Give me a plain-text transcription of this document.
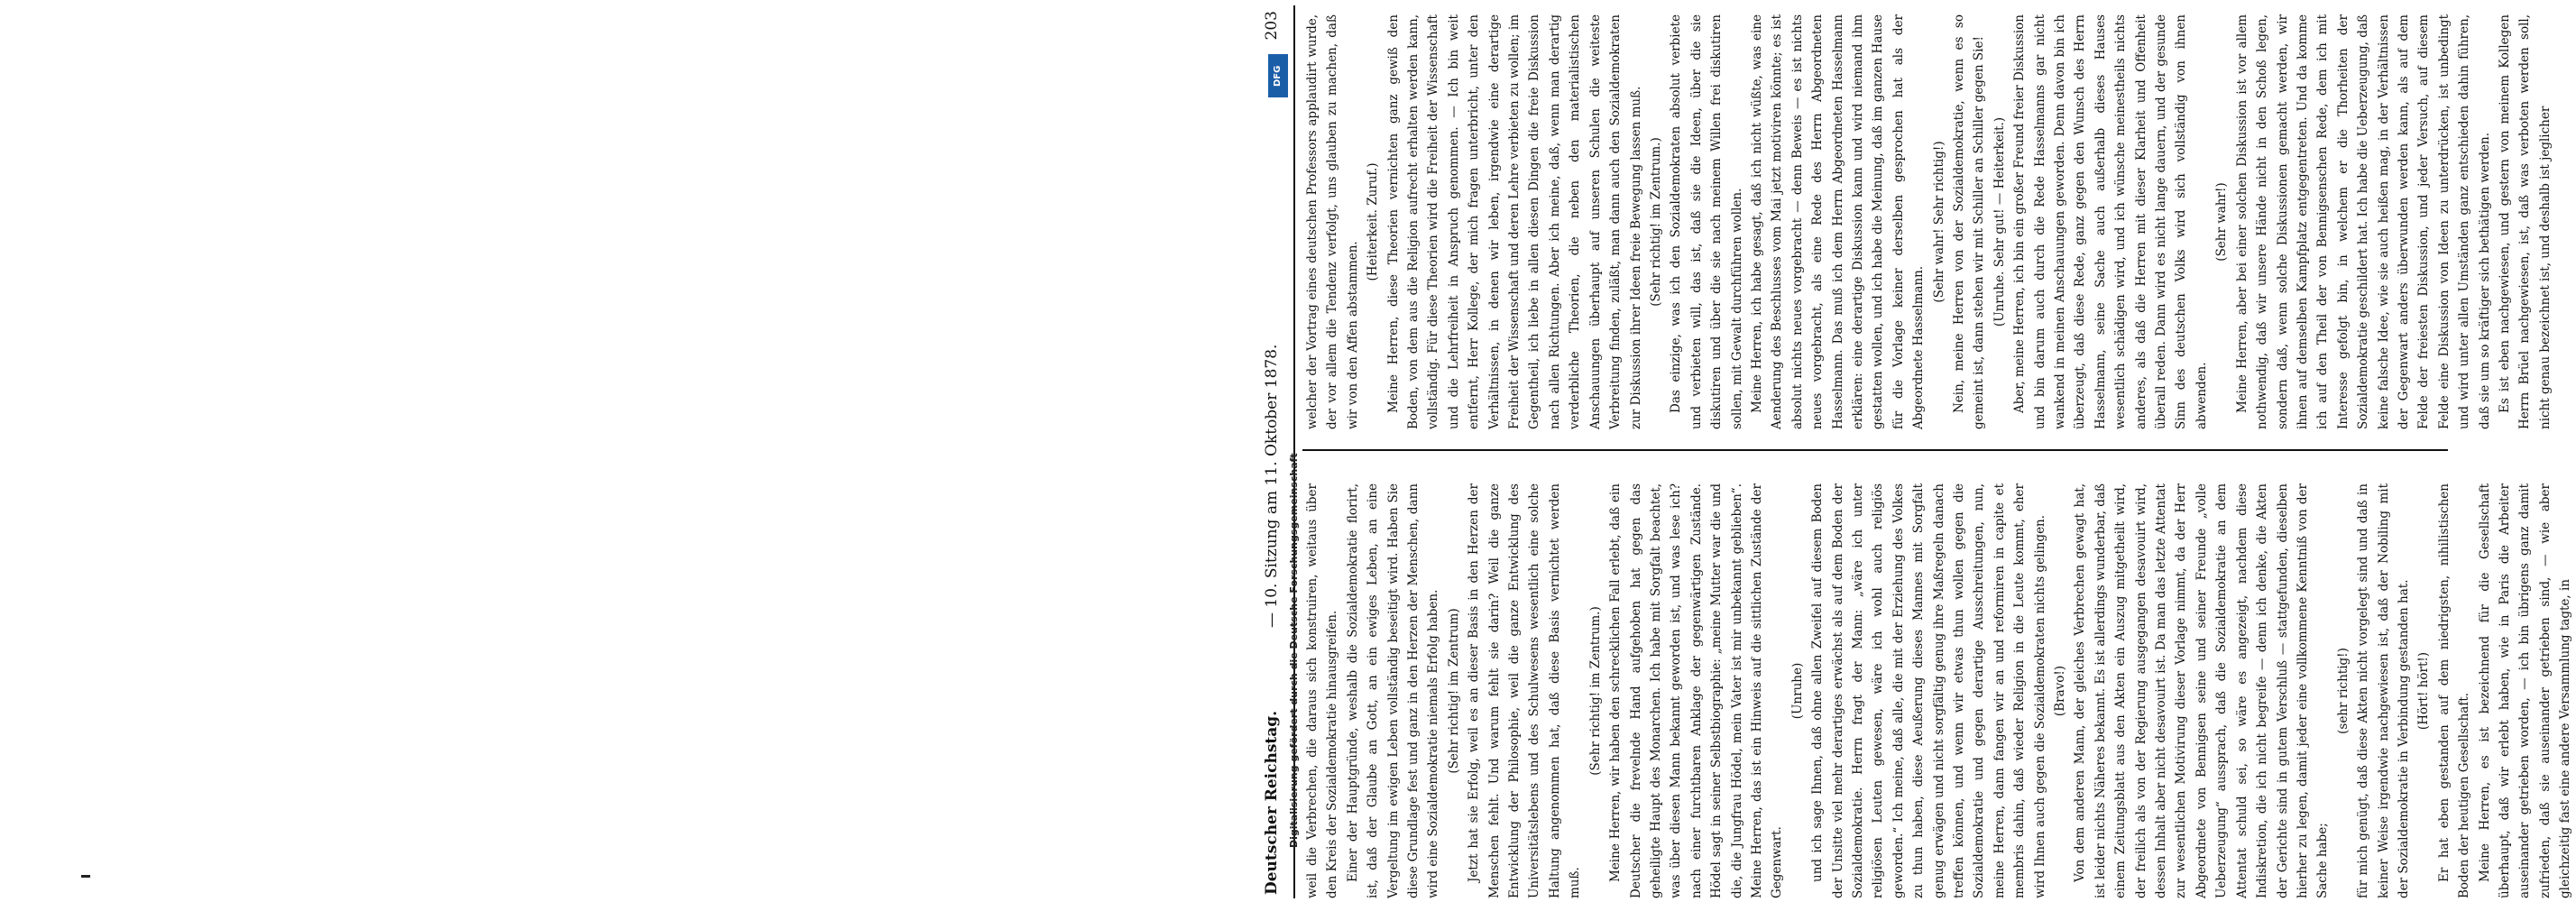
Deutscher Reichstag.
— 10. Sitzung am 11. Oktober 1878.
203

weil die Verbrechen, die daraus sich konstruiren, weitaus über den Kreis der Sozialdemokratie hinausgreifen. Einer der Hauptgründe, weshalb die Sozialdemokratie florirt, ist, daß der Glaube an Gott, an ein ewiges Leben, an eine Vergeltung im ewigen Leben vollständig beseitigt wird. Haben Sie diese Grundlage fest und ganz in den Herzen der Menschen, dann wird eine Sozialdemokratie niemals Erfolg haben. (Sehr richtig! im Zentrum) Jetzt hat sie Erfolg, weil es an dieser Basis in den Herzen der Menschen fehlt. Und warum fehlt sie darin? Weil die ganze Entwicklung der Philosophie, weil die ganze Entwicklung des Universitätslebens und des Schulwesens wesentlich eine solche Haltung angenommen hat, daß diese Basis vernichtet werden muß.

(Sehr richtig! im Zentrum.) Meine Herren, wir haben den schrecklichen Fall erlebt, daß ein Deutscher die frevelnde Hand aufgehoben hat gegen das geheiligte Haupt des Monarchen. Ich habe mit Sorgfalt beachtet, was über diesen Mann bekannt geworden ist, und was lese ich? nach einer furchtbaren Anklage der gegenwärtigen Zustände. Hödel sagt in seiner Selbstbiographie: „meine Mutter war die und die, die Jungfrau Hödel, mein Vater ist mir unbekannt geblieben“. Meine Herren, das ist ein Hinweis auf die sittlichen Zustände der Gegenwart.

(Unruhe) und ich sage Ihnen, daß ohne allen Zweifel auf diesem Boden der Unsitte viel mehr derartiges erwächst als auf dem Boden der Sozialdemokratie. Herrn fragt der Mann: „wäre ich unter religiösen Leuten gewesen, wäre ich wohl auch religiös geworden.“ Ich meine, daß alle, die mit der Erziehung des Volkes zu thun haben, diese Aeußerung dieses Mannes mit Sorgfalt genug erwägen und nicht sorgfältig genug ihre Maßregeln danach treffen können, und wenn wir etwas thun wollen gegen die Sozialdemokratie und gegen derartige Ausschreitungen, nun, meine Herren, dann fangen wir an und reformiren in capite et membris dahin, daß wieder Religion in die Leute kommt, eher wird Ihnen auch gegen die Sozialdemokraten nichts gelingen. (Bravo!) Von dem anderen Mann, der gleiches Verbrechen gewagt hat, ist leider nichts Näheres bekannt. Es ist allerdings wunderbar, daß einem Zeitungsblatt aus den Akten ein Auszug mitgetheilt wird, der freilich als von der Regierung ausgegangen desavouirt wird, dessen Inhalt aber nicht desavouirt ist. Da man das letzte Attentat zur wesentlichen Motivirung dieser Vorlage nimmt, da der Herr Abgeordnete von Bennigsen seine und seiner Freunde „volle Ueberzeugung“ aussprach, daß die Sozialdemokratie an dem Attentat schuld sei, so wäre es angezeigt, nachdem diese Indiskretion, die ich nicht begreife — denn ich denke, die Akten der Gerichte sind in gutem Verschluß — stattgefunden, dieselben hierher zu legen, damit jeder eine vollkommene Kenntniß von der Sache habe;

(sehr richtig!) für mich genügt, daß diese Akten nicht vorgelegt sind und daß in keiner Weise irgendwie nachgewiesen ist, daß der Nobiling mit der Sozialdemokratie in Verbindung gestanden hat. (Hört! hört!) Er hat eben gestanden auf dem niedrigsten, nihilistischen Boden der heutigen Gesellschaft. Meine Herren, es ist bezeichnend für die Gesellschaft überhaupt, daß wir erlebt haben, wie in Paris die Arbeiter auseinander getrieben worden, — ich bin übrigens ganz damit zufrieden, daß sie auseinander getrieben sind, — wie aber gleichzeitig fast eine andere Versammlung tagte, in

welcher der Vortrag eines deutschen Professors applaudirt wurde, der vor allem die Tendenz verfolgt, uns glauben zu machen, daß wir von den Affen abstammen.

(Heiterkeit. Zuruf.) Meine Herren, diese Theorien vernichten ganz gewiß den Boden, von dem aus die Religion aufrecht erhalten werden kann, vollständig. Für diese Theorien wird die Freiheit der Wissenschaft und die Lehrfreiheit in Anspruch genommen. — Ich bin weit entfernt, Herr Kollege, der mich fragen unterbricht, unter den Verhältnissen, in denen wir leben, irgendwie eine derartige Freiheit der Wissenschaft und deren Lehre verbieten zu wollen; im Gegentheil, ich liebe in allen diesen Dingen die freie Diskussion nach allen Richtungen. Aber ich meine, daß, wenn man derartig verderbliche Theorien, die neben den materialistischen Anschauungen überhaupt auf unseren Schulen die weiteste Verbreitung finden, zuläßt, man dann auch den Sozialdemokraten zur Diskussion ihrer Ideen freie Bewegung lassen muß. (Sehr richtig! im Zentrum.) Das einzige, was ich den Sozialdemokraten absolut verbiete und verbieten will, das ist, daß sie die Ideen, über die sie diskutiren und über die sie nach meinem Willen frei diskutiren sollen, mit Gewalt durchführen wollen. Meine Herren, ich habe gesagt, daß ich nicht wüßte, was eine Aenderung des Beschlusses vom Mai jetzt motiviren könnte; es ist absolut nichts neues vorgebracht — denn Beweis — es ist nichts neues vorgebracht, als eine Rede des Herrn Abgeordneten Hasselmann. Das muß ich dem Herrn Abgeordneten Hasselmann erklären: eine derartige Diskussion kann und wird niemand ihm gestatten wollen, und ich habe die Meinung, daß im ganzen Hause für die Vorlage keiner derselben gesprochen hat als der Abgeordnete Hasselmann.

(Sehr wahr! Sehr richtig!) Nein, meine Herren von der Sozialdemokratie, wenn es so gemeint ist, dann stehen wir mit Schiller an Schiller gegen Sie! (Unruhe. Sehr gut! — Heiterkeit.) Aber, meine Herren, ich bin ein großer Freund freier Diskussion und bin darum auch durch die Rede Hasselmanns gar nicht wankend in meinen Anschauungen geworden. Denn davon bin ich überzeugt, daß diese Rede, ganz gegen den Wunsch des Herrn Hasselmann, seine Sache auch außerhalb dieses Hauses wesentlich schädigen wird, und ich wünsche meinestheils nichts anderes, als daß die Herren mit dieser Klarheit und Offenheit überall reden. Dann wird es nicht lange dauern, und der gesunde Sinn des deutschen Volks wird sich vollständig von ihnen abwenden.

(Sehr wahr!) Meine Herren, aber bei einer solchen Diskussion ist vor allem nothwendig, daß wir unsere Hände nicht in den Schoß legen, sondern daß, wenn solche Diskussionen gemacht werden, wir ihnen auf demselben Kampfplatz entgegentreten. Und da komme ich auf den Theil der von Bennigsenschen Rede, dem ich mit Interesse gefolgt bin, in welchem er die Thorheiten der Sozialdemokratie geschildert hat. Ich habe die Ueberzeugung, daß keine falsche Idee, wie sie auch heißen mag, in der Verhältnissen der Gegenwart anders überwunden werden kann, als auf dem Felde der freiesten Diskussion, und jeder Versuch, auf diesem Felde eine Diskussion von Ideen zu unterdrücken, ist unbedingt und wird unter allen Umständen ganz entschieden dahin führen, daß sie um so kräftiger sich bethätigen werden. Es ist eben nachgewiesen, und gestern von meinem Kollegen Herrn Brüel nachgewiesen, ist, daß was verboten werden soll, nicht genau bezeichnet ist, und deshalb ist jeglicher

Digitalisierung gefördert durch die Deutsche Forschungsgemeinschaft
DFG
